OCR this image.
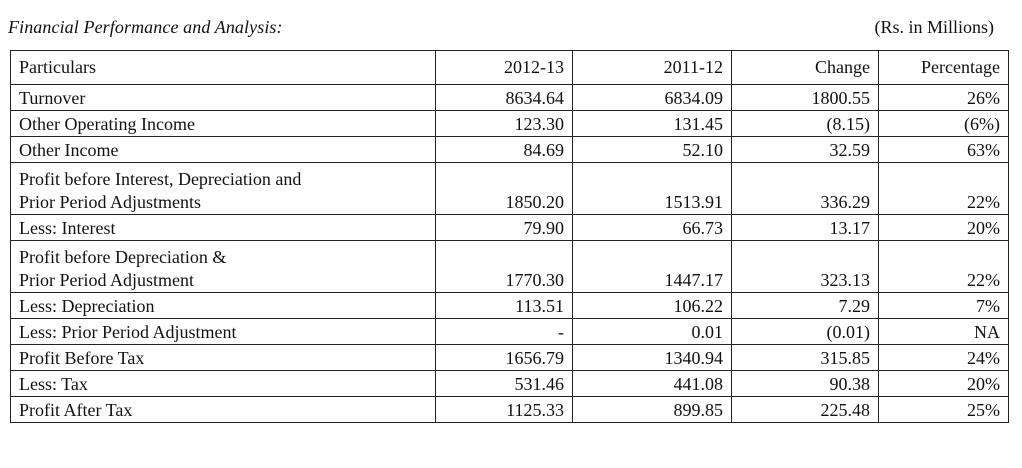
Financial Performance and Analysis:	(Rs. in Millions)
Particulars	2012-13	2011-12	Change	Percentage

Turnover	8634.64	6834.09	1800.55	26%

Other Operating Income	123.30	131.45	(8.15)	(6%)

Other Income	84.69	52.10	32.59	63%

Profit before Interest, Depreciation and
Prior Period Adjustments	1850.20	1513.91	336.29	22%

Less: Interest	79.90	66.73	13.17	20%

Profit before Depreciation &
Prior Period Adjustment	1770.30	1447.17	323.13	22%

Less: Depreciation	113.51	106.22	7.29	7%

Less: Prior Period Adjustment	-	0.01	(0.01)	NA

Profit Before Tax	1656.79	1340.94	315.85	24%

Less: Tax	531.46	441.08	90.38	20%

Profit After Tax	1125.33	899.85	225.48	25%
